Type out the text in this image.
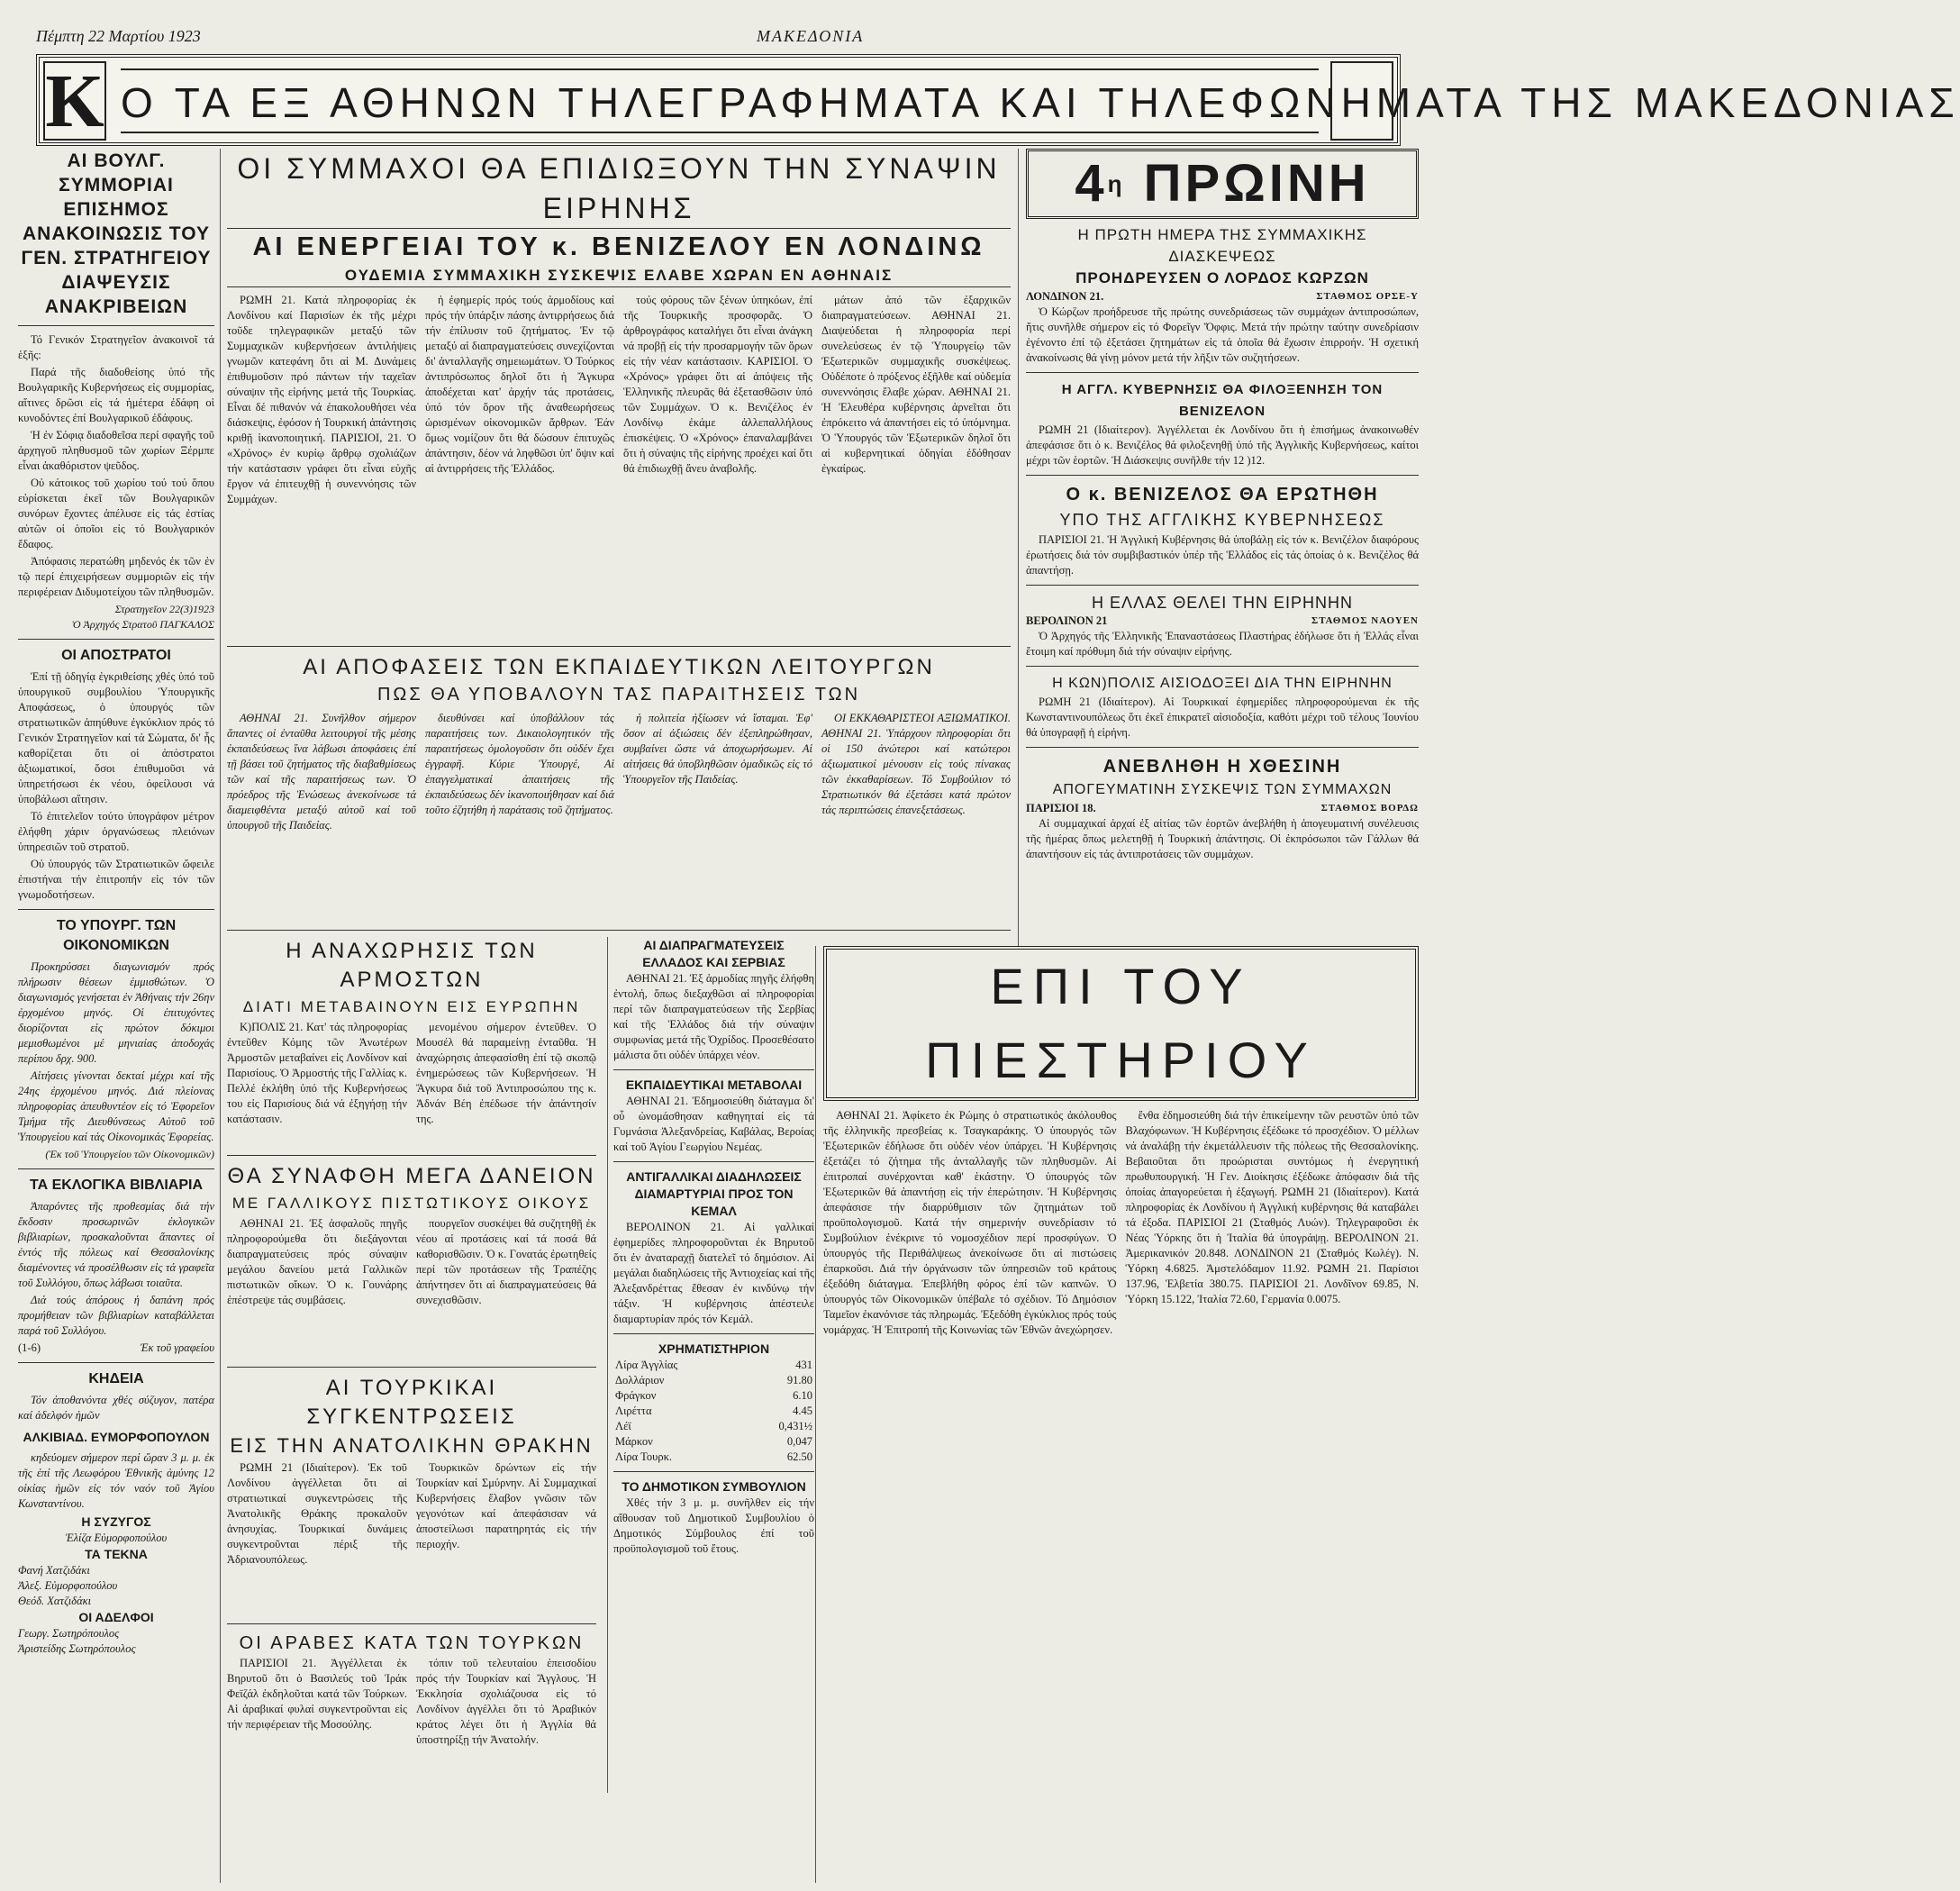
Πέμπτη 22 Μαρτίου 1923	ΜΑΚΕΔΟΝΙΑ
Κ Ο ΤΑ ΕΞ ΑΘΗΝΩΝ ΤΗΛΕΓΡΑΦΗΜΑΤΑ ΚΑΙ ΤΗΛΕΦΩΝΗΜΑΤΑ ΤΗΣ ΜΑΚΕΔΟΝΙΑΣ
ΑΙ ΒΟΥΛΓ. ΣΥΜΜΟΡΙΑΙ ΕΠΙΣΗΜΟΣ ΑΝΑΚΟΙΝΩΣΙΣ ΤΟΥ ΓΕΝ. ΣΤΡΑΤΗΓΕΙΟΥ ΔΙΑΨΕΥΣΙΣ ΑΝΑΚΡΙΒΕΙΩΝ
Τό Γενικόν Στρατηγεῖον ἀνακοινοῖ τά ἑξῆς:
Παρά τῆς διαδοθείσης ὑπό τῆς Βουλγαρικῆς Κυβερνήσεως εἰς συμμορίας, αἵτινες δρῶσι εἰς τά ἡμέτερα ἐδάφη οἱ κυνοδόντες ἐπί Βουλγαρικοῦ ἐδάφους.
Ἡ ἐν Σόφιᾳ διαδοθεῖσα περί σφαγῆς τοῦ ἀρχηγοῦ πληθυσμοῦ τῶν χωρίων Ξέρμπε εἶναι ἀκαθόριστον ψεῦδος.
Οὐ κάτοικος τοῦ χωρίου τού τού ὅπου εὑρίσκεται ἐκεῖ τῶν Βουλγαρικῶν συνόρων ἔχοντες ἀπέλυσε εἰς τάς ἐστίας αὐτῶν οἱ ὁποῖοι εἰς τό Βουλγαρικόν ἔδαφος.
Ἀπόφασις περατώθη μηδενός ἐκ τῶν ἐν τῷ περί ἐπιχειρήσεων συμμοριῶν εἰς τήν περιφέρειαν Διδυμοτείχου τῶν πληθυσμῶν.
Στρατηγεῖον 22(3)1923
Ὁ Ἀρχηγός Στρατοῦ ΠΑΓΚΑΛΟΣ
ΟΙ ΑΠΟΣΤΡΑΤΟΙ
Ἐπί τῇ ὁδηγίᾳ ἐγκριθείσης χθές ὑπό τοῦ ὑπουργικοῦ συμβουλίου Ὑπουργικῆς Αποφάσεως, ὁ ὑπουργός τῶν στρατιωτικῶν ἀπηύθυνε ἐγκύκλιον πρός τό Γενικόν Στρατηγεῖον καί τά Σώματα, δι' ἧς καθορίζεται ὅτι οἱ ἀπόστρατοι ἀξιωματικοί, ὅσοι ἐπιθυμοῦσι νά ὑπηρετήσωσι ἐκ νέου, ὀφείλουσι νά ὑποβάλωσι αἴτησιν.
Τό ἐπιτελεῖον τούτο ὑπογράφον μέτρον ἐλήφθη χάριν ὀργανώσεως πλειόνων ὑπηρεσιῶν τοῦ στρατοῦ.
Οὐ ὑπουργός τῶν Στρατιωτικῶν ὤφειλε ἐπιστήναι τήν ἐπιτροπήν εἰς τόν τῶν γνωμοδοτήσεων.
ΤΟ ΥΠΟΥΡΓ. ΤΩΝ ΟΙΚΟΝΟΜΙΚΩΝ
Προκηρύσσει διαγωνισμόν πρός πλήρωσιν θέσεων ἐμμισθώτων. Ὁ διαγωνισμός γενήσεται ἐν Ἀθήναις τήν 26ην ἐρχομένου μηνός. Οἱ ἐπιτυχόντες διορίζονται εἰς πρώτον δόκιμοι μεμισθωμένοι μέ μηνιαίας ἀποδοχάς περίπου δρχ. 900.
Αἰτήσεις γίνονται δεκταί μέχρι καί τῆς 24ης ἐρχομένου μηνός. Διά πλείονας πληροφορίας ἀπευθυντέον εἰς τό Ἐφορεῖον Τμήμα τῆς Διευθύνσεως Αὐτοῦ τοῦ Ὑπουργείου καί τάς Οἰκονομικάς Ἐφορείας.
(Ἐκ τοῦ Ὑπουργείου τῶν Οἰκονομικῶν)
ΤΑ ΕΚΛΟΓΙΚΑ ΒΙΒΛΙΑΡΙΑ
Ἀπαρόντες τῆς προθεσμίας διά τήν ἔκδοσιν προσωρινῶν ἐκλογικῶν βιβλιαρίων, προσκαλοῦνται ἅπαντες οἱ ἐντός τῆς πόλεως καί Θεσσαλονίκης διαμένοντες νά προσέλθωσιν εἰς τά γραφεῖα τοῦ Συλλόγου, ὅπως λάβωσι τοιαῦτα.
Διά τούς ἀπόρους ἡ δαπάνη πρός προμήθειαν τῶν βιβλιαρίων καταβάλλεται παρά τοῦ Συλλόγου.
(1-6)	Ἐκ τοῦ γραφείου
ΚΗΔΕΙΑ
Τόν ἀποθανόντα χθές σύζυγον, πατέρα καί ἀδελφόν ἡμῶν
ΑΛΚΙΒΙΑΔ. ΕΥΜΟΡΦΟΠΟΥΛΟΝ
κηδεύομεν σήμερον περί ὥραν 3 μ. μ. ἐκ τῆς ἐπί τῆς Λεωφόρου Ἐθνικῆς ἀμύνης 12 οἰκίας ἡμῶν εἰς τόν ναόν τοῦ Ἁγίου Κωνσταντίνου.
Η ΣΥΖΥΓΟΣ
Ἐλίζα Εὐμορφοπούλου
ΤΑ ΤΕΚΝΑ
Φανή Χατζιδάκι
Ἀλεξ. Εὐμορφοπούλου
Θεόδ. Χατζιδάκι
ΟΙ ΑΔΕΛΦΟΙ
Γεωργ. Σωτηρόπουλος
Ἀριστείδης Σωτηρόπουλος
ΟΙ ΣΥΜΜΑΧΟΙ ΘΑ ΕΠΙΔΙΩΞΟΥΝ ΤΗΝ ΣΥΝΑΨΙΝ ΕΙΡΗΝΗΣ
ΑΙ ΕΝΕΡΓΕΙΑΙ ΤΟΥ κ. ΒΕΝΙΖΕΛΟΥ ΕΝ ΛΟΝΔΙΝΩ
ΟΥΔΕΜΙΑ ΣΥΜΜΑΧΙΚΗ ΣΥΣΚΕΨΙΣ ΕΛΑΒΕ ΧΩΡΑΝ ΕΝ ΑΘΗΝΑΙΣ
ΡΩΜΗ 21. Κατά πληροφορίας ἐκ Λονδίνου καί Παρισίων ἐκ τῆς μέχρι τοῦδε τηλεγραφικῶν μεταξύ τῶν Συμμαχικῶν κυβερνήσεων ἀντιλήψεις γνωμῶν κατεφάνη ὅτι αἱ Μ. Δυνάμεις ἐπιθυμοῦσιν πρό πάντων τήν ταχεῖαν σύναψιν τῆς εἰρήνης μετά τῆς Τουρκίας. Εἶναι δέ πιθανόν νά ἐπακολουθήσει νέα διάσκεψις, ἐφόσον ἡ Τουρκική ἀπάντησις κριθῇ ἱκανοποιητική. ΠΑΡΙΣΙΟΙ, 21. Ὁ «Χρόνος» ἐν κυρίῳ ἄρθρῳ σχολιάζων τήν κατάστασιν γράφει ὅτι εἶναι εὐχῆς ἔργον νά ἐπιτευχθῇ ἡ συνεννόησις τῶν Συμμάχων.
ἡ ἐφημερίς πρός τούς ἀρμοδίους καί πρός τήν ὑπάρξιν πάσης ἀντιρρήσεως διά τήν ἐπίλυσιν τοῦ ζητήματος. Ἐν τῷ μεταξύ αἱ διαπραγματεύσεις συνεχίζονται δι' ἀνταλλαγῆς σημειωμάτων. Ὁ Τούρκος ἀντιπρόσωπος δηλοῖ ὅτι ἡ Ἄγκυρα ἀποδέχεται κατ' ἀρχήν τάς προτάσεις, ὑπό τόν ὅρον τῆς ἀναθεωρήσεως ὡρισμένων οἰκονομικῶν ἄρθρων. Ἐάν ὅμως νομίζουν ὅτι θά δώσουν ἐπιτυχῶς ἀπάντησιν, δέον νά ληφθῶσι ὑπ' ὄψιν καί αἱ ἀντιρρήσεις τῆς Ἑλλάδος.
τούς φόρους τῶν ξένων ὑπηκόων, ἐπί τῆς Τουρκικῆς προσφορᾶς. Ὁ ἀρθρογράφος καταλήγει ὅτι εἶναι ἀνάγκη νά προβῇ εἰς τήν προσαρμογήν τῶν ὅρων εἰς τήν νέαν κατάστασιν. ΚΑΡΙΣΙΟΙ. Ὁ «Χρόνος» γράφει ὅτι αἱ ἀπόψεις τῆς Ἑλληνικῆς πλευρᾶς θά ἐξετασθῶσιν ὑπό τῶν Συμμάχων. Ὁ κ. Βενιζέλος ἐν Λονδίνῳ ἐκάμε ἀλλεπαλλήλους ἐπισκέψεις. Ὁ «Χρόνος» ἐπαναλαμβάνει ὅτι ἡ σύναψις τῆς εἰρήνης προέχει καί ὅτι θά ἐπιδιωχθῇ ἄνευ ἀναβολῆς.
μάτων ἀπό τῶν ἐξαρχικῶν διαπραγματεύσεων. ΑΘΗΝΑΙ 21. Διαψεύδεται ἡ πληροφορία περί συνελεύσεως ἐν τῷ Ὑπουργείῳ τῶν Ἐξωτερικῶν συμμαχικῆς συσκέψεως. Οὐδέποτε ὁ πρόξενος ἐξῆλθε καί οὐδεμία συνεννόησις ἔλαβε χώραν. ΑΘΗΝΑΙ 21. Ἡ Ἐλευθέρα κυβέρνησις ἀρνεῖται ὅτι ἐπρόκειτο νά ἀπαντήσει εἰς τό ὑπόμνημα. Ὁ Ὑπουργός τῶν Ἐξωτερικῶν δηλοῖ ὅτι αἱ κυβερνητικαί ὁδηγίαι ἐδόθησαν ἐγκαίρως.
ΑΙ ΑΠΟΦΑΣΕΙΣ ΤΩΝ ΕΚΠΑΙΔΕΥΤΙΚΩΝ ΛΕΙΤΟΥΡΓΩΝ
ΠΩΣ ΘΑ ΥΠΟΒΑΛΟΥΝ ΤΑΣ ΠΑΡΑΙΤΗΣΕΙΣ ΤΩΝ
ΑΘΗΝΑΙ 21. Συνῆλθον σήμερον ἅπαντες οἱ ἐνταῦθα λειτουργοί τῆς μέσης ἐκπαιδεύσεως ἵνα λάβωσι ἀποφάσεις ἐπί τῇ βάσει τοῦ ζητήματος τῆς διαβαθμίσεως τῶν καί τῆς παραιτήσεως των. Ὁ πρόεδρος τῆς Ἑνώσεως ἀνεκοίνωσε τά διαμειφθέντα μεταξύ αὐτοῦ καί τοῦ ὑπουργοῦ τῆς Παιδείας.
διευθύνσει καί ὑποβάλλουν τάς παραιτήσεις των. Δικαιολογητικόν τῆς παραιτήσεως ὁμολογοῦσιν ὅτι οὐδέν ἔχει ἐγγραφῆ. Κύριε Ὑπουργέ, Αἱ ἐπαγγελματικαί ἀπαιτήσεις τῆς ἐκπαιδεύσεως δέν ἱκανοποιήθησαν καί διά τοῦτο ἐζητήθη ἡ παράτασις τοῦ ζητήματος.
ἡ πολιτεία ἠξίωσεν νά ἴσταμαι. Ἐφ' ὅσον αἱ ἀξιώσεις δέν ἐξεπληρώθησαν, συμβαίνει ὥστε νά ἀποχωρήσωμεν. Αἱ αἰτήσεις θά ὑποβληθῶσιν ὁμαδικῶς εἰς τό Ὑπουργεῖον τῆς Παιδείας.
ΟΙ ΕΚΚΑΘΑΡΙΣΤΕΟΙ ΑΞΙΩΜΑΤΙΚΟΙ. ΑΘΗΝΑΙ 21. Ὑπάρχουν πληροφορίαι ὅτι οἱ 150 ἀνώτεροι καί κατώτεροι ἀξιωματικοί μένουσιν εἰς τούς πίνακας τῶν ἐκκαθαρίσεων. Τό Συμβούλιον τό Στρατιωτικόν θά ἐξετάσει κατά πρώτον τάς περιπτώσεις ἐπανεξετάσεως.
Η ΑΝΑΧΩΡΗΣΙΣ ΤΩΝ ΑΡΜΟΣΤΩΝ
ΔΙΑΤΙ ΜΕΤΑΒΑΙΝΟΥΝ ΕΙΣ ΕΥΡΩΠΗΝ
Κ)ΠΟΛΙΣ 21. Κατ' τάς πληροφορίας ἐντεῦθεν Κόμης τῶν Ἀνωτέρων Ἀρμοστῶν μεταβαίνει εἰς Λονδίνον καί Παρισίους. Ὁ Ἀρμοστής τῆς Γαλλίας κ. Πελλέ ἐκλήθη ὑπό τῆς Κυβερνήσεως του εἰς Παρισίους διά νά ἐξηγήσῃ τήν κατάστασιν.
μενομένου σήμερον ἐντεῦθεν. Ὁ Μουσέλ θά παραμείνῃ ἐνταῦθα. Ἡ ἀναχώρησις ἀπεφασίσθη ἐπί τῷ σκοπῷ ἐνημερώσεως τῶν Κυβερνήσεων. Ἡ Ἄγκυρα διά τοῦ Ἀντιπροσώπου της κ. Ἀδνάν Βέη ἐπέδωσε τήν ἀπάντησίν της.
ΘΑ ΣΥΝΑΦΘΗ ΜΕΓΑ ΔΑΝΕΙΟΝ
ΜΕ ΓΑΛΛΙΚΟΥΣ ΠΙΣΤΩΤΙΚΟΥΣ ΟΙΚΟΥΣ
ΑΘΗΝΑΙ 21. Ἐξ ἀσφαλοῦς πηγῆς πληροφορούμεθα ὅτι διεξάγονται διαπραγματεύσεις πρός σύναψιν μεγάλου δανείου μετά Γαλλικῶν πιστωτικῶν οἴκων. Ὁ κ. Γουνάρης ἐπέστρεψε τάς συμβάσεις.
πουργεῖον συσκέψει θά συζητηθῇ ἐκ νέου αἱ προτάσεις καί τά ποσά θά καθορισθῶσιν. Ὁ κ. Γονατάς ἐρωτηθείς περί τῶν προτάσεων τῆς Τραπέζης ἀπήντησεν ὅτι αἱ διαπραγματεύσεις θά συνεχισθῶσιν.
ΑΙ ΤΟΥΡΚΙΚΑΙ ΣΥΓΚΕΝΤΡΩΣΕΙΣ
ΕΙΣ ΤΗΝ ΑΝΑΤΟΛΙΚΗΝ ΘΡΑΚΗΝ
ΡΩΜΗ 21 (Ιδιαίτερον). Ἐκ τοῦ Λονδίνου ἀγγέλλεται ὅτι αἱ στρατιωτικαί συγκεντρώσεις τῆς Ἀνατολικῆς Θράκης προκαλοῦν ἀνησυχίας. Τουρκικαί δυνάμεις συγκεντροῦνται πέριξ τῆς Ἀδριανουπόλεως.
Τουρκικῶν δρώντων εἰς τήν Τουρκίαν καί Σμύρνην. Αἱ Συμμαχικαί Κυβερνήσεις ἔλαβον γνῶσιν τῶν γεγονότων καί ἀπεφάσισαν νά ἀποστείλωσι παρατηρητάς εἰς τήν περιοχήν.
ΟΙ ΑΡΑΒΕΣ ΚΑΤΑ ΤΩΝ ΤΟΥΡΚΩΝ
ΠΑΡΙΣΙΟΙ 21. Ἀγγέλλεται ἐκ Βηρυτοῦ ὅτι ὁ Βασιλεύς τοῦ Ἰράκ Φεϊζάλ ἐκδηλοῦται κατά τῶν Τούρκων. Αἱ ἀραβικαί φυλαί συγκεντροῦνται εἰς τήν περιφέρειαν τῆς Μοσούλης.
τόπιν τοῦ τελευταίου ἐπεισοδίου πρός τήν Τουρκίαν καί Ἄγγλους. Ἡ Ἐκκλησία σχολιάζουσα εἰς τό Λονδίνον ἀγγέλλει ὅτι τό Ἀραβικόν κράτος λέγει ὅτι ἡ Ἀγγλία θά ὑποστηρίξῃ τήν Ἀνατολήν.
ΑΙ ΔΙΑΠΡΑΓΜΑΤΕΥΣΕΙΣ ΕΛΛΑΔΟΣ ΚΑΙ ΣΕΡΒΙΑΣ
ΑΘΗΝΑΙ 21. Ἐξ ἀρμοδίας πηγῆς ἐλήφθη ἐντολή, ὅπως διεξαχθῶσι αἱ πληροφορίαι περί τῶν διαπραγματεύσεων τῆς Σερβίας καί τῆς Ἑλλάδος διά τήν σύναψιν συμφωνίας μετά τῆς Ὀχρίδος. Προσεθέσατο μάλιστα ὅτι οὐδέν ὑπάρχει νέον.
ΕΚΠΑΙΔΕΥΤΙΚΑΙ ΜΕΤΑΒΟΛΑΙ
ΑΘΗΝΑΙ 21. Ἐδημοσιεύθη διάταγμα δι' οὗ ὠνομάσθησαν καθηγηταί εἰς τά Γυμνάσια Ἀλεξανδρείας, Καβάλας, Βεροίας καί τοῦ Ἁγίου Γεωργίου Νεμέας.
ΑΝΤΙΓΑΛΛΙΚΑΙ ΔΙΑΔΗΛΩΣΕΙΣ ΔΙΑΜΑΡΤΥΡΙΑΙ ΠΡΟΣ ΤΟΝ ΚΕΜΑΛ
ΒΕΡΟΛΙΝΟΝ 21. Αἱ γαλλικαί ἐφημερίδες πληροφοροῦνται ἐκ Βηρυτοῦ ὅτι ἐν ἀναταραχῇ διατελεῖ τό δημόσιον. Αἱ μεγάλαι διαδηλώσεις τῆς Ἀντιοχείας καί τῆς Ἀλεξανδρέττας ἔθεσαν ἐν κινδύνῳ τήν τάξιν. Ἡ κυβέρνησις ἀπέστειλε διαμαρτυρίαν πρός τόν Κεμάλ.
ΧΡΗΜΑΤΙΣΤΗΡΙΟΝ
Λίρα Ἀγγλίας	431
Δολλάριον	91.80
Φράγκον	6.10
Λιρέττα	4.45
Λέϊ	0,431½
Μάρκον	0,047
Λίρα Τουρκ.	62.50
ΤΟ ΔΗΜΟΤΙΚΟΝ ΣΥΜΒΟΥΛΙΟΝ
Χθές τήν 3 μ. μ. συνῆλθεν εἰς τήν αἴθουσαν τοῦ Δημοτικοῦ Συμβουλίου ὁ Δημοτικός Σύμβουλος ἐπί τοῦ προϋπολογισμοῦ τοῦ ἔτους.
$4^\eta$ ΠΡΩΙΝΗ
Η ΠΡΩΤΗ ΗΜΕΡΑ ΤΗΣ ΣΥΜΜΑΧΙΚΗΣ ΔΙΑΣΚΕΨΕΩΣ
ΠΡΟΗΔΡΕΥΣΕΝ Ο ΛΟΡΔΟΣ ΚΩΡΖΩΝ
ΛΟΝΔΙΝΟΝ 21.	ΣΤΑΘΜΟΣ ΟΡΣΕ-Υ
Ὁ Κώρζων προήδρευσε τῆς πρώτης συνεδριάσεως τῶν συμμάχων ἀντιπροσώπων, ἥτις συνῆλθε σήμερον εἰς τό Φορεῖγν Ὄφφις. Μετά τήν πρώτην ταύτην συνεδρίασιν ἐγένοντο ἐπί τῷ ἐξετάσει ζητημάτων εἰς τά ὁποῖα θά ἔχωσιν ἐπιρροήν. Ἡ σχετική ἀνακοίνωσις θά γίνῃ μόνον μετά τήν λῆξιν τῶν συζητήσεων.
Η ΑΓΓΛ. ΚΥΒΕΡΝΗΣΙΣ ΘΑ ΦΙΛΟΞΕΝΗΣΗ ΤΟΝ ΒΕΝΙΖΕΛΟΝ
ΡΩΜΗ 21 (Ιδιαίτερον). Ἀγγέλλεται ἐκ Λονδίνου ὅτι ἡ ἐπισήμως ἀνακοινωθέν ἀπεφάσισε ὅτι ὁ κ. Βενιζέλος θά φιλοξενηθῇ ὑπό τῆς Ἀγγλικῆς Κυβερνήσεως, καίτοι μέχρι τῶν ἑορτῶν. Ἡ Διάσκεψις συνῆλθε τήν 12 )12.
Ο κ. ΒΕΝΙΖΕΛΟΣ ΘΑ ΕΡΩΤΗΘΗ
ΥΠΟ ΤΗΣ ΑΓΓΛΙΚΗΣ ΚΥΒΕΡΝΗΣΕΩΣ
ΠΑΡΙΣΙΟΙ 21. Ἡ Ἀγγλική Κυβέρνησις θά ὑποβάλῃ εἰς τόν κ. Βενιζέλον διαφόρους ἐρωτήσεις διά τόν συμβιβαστικόν ὑπέρ τῆς Ἑλλάδος εἰς τάς ὁποίας ὁ κ. Βενιζέλος θά ἀπαντήσῃ.
Η ΕΛΛΑΣ ΘΕΛΕΙ ΤΗΝ ΕΙΡΗΝΗΝ
ΒΕΡΟΛΙΝΟΝ 21	ΣΤΑΘΜΟΣ ΝΑΟΥΕΝ
Ὁ Ἀρχηγός τῆς Ἑλληνικῆς Ἐπαναστάσεως Πλαστήρας ἐδήλωσε ὅτι ἡ Ἑλλάς εἶναι ἕτοιμη καί πρόθυμη διά τήν σύναψιν εἰρήνης.
Η ΚΩΝ)ΠΟΛΙΣ ΑΙΣΙΟΔΟΞΕΙ ΔΙΑ ΤΗΝ ΕΙΡΗΝΗΝ
ΡΩΜΗ 21 (Ιδιαίτερον). Αἱ Τουρκικαί ἐφημερίδες πληροφορούμεναι ἐκ τῆς Κωνσταντινουπόλεως ὅτι ἐκεῖ ἐπικρατεῖ αἰσιοδοξία, καθότι μέχρι τοῦ τέλους Ἰουνίου θά ὑπογραφῇ ἡ εἰρήνη.
ΑΝΕΒΛΗΘΗ Η ΧΘΕΣΙΝΗ
ΑΠΟΓΕΥΜΑΤΙΝΗ ΣΥΣΚΕΨΙΣ ΤΩΝ ΣΥΜΜΑΧΩΝ
ΠΑΡΙΣΙΟΙ 18.	ΣΤΑΘΜΟΣ ΒΟΡΔΩ
Αἱ συμμαχικαί ἀρχαί ἐξ αἰτίας τῶν ἑορτῶν ἀνεβλήθη ἡ ἀπογευματινή συνέλευσις τῆς ἡμέρας ὅπως μελετηθῇ ἡ Τουρκική ἀπάντησις. Οἱ ἐκπρόσωποι τῶν Γάλλων θά ἀπαντήσουν εἰς τάς ἀντιπροτάσεις τῶν συμμάχων.
ΕΠΙ ΤΟΥ ΠΙΕΣΤΗΡΙΟΥ
ΑΘΗΝΑΙ 21. Ἀφίκετο ἐκ Ρώμης ὁ στρατιωτικός ἀκόλουθος τῆς ἑλληνικῆς πρεσβείας κ. Τσαγκαράκης. Ὁ ὑπουργός τῶν Ἐξωτερικῶν ἐδήλωσε ὅτι οὐδέν νέον ὑπάρχει. Ἡ Κυβέρνησις ἐξετάζει τό ζήτημα τῆς ἀνταλλαγῆς τῶν πληθυσμῶν. Αἱ ἐπιτροπαί συνέρχονται καθ' ἑκάστην. Ὁ ὑπουργός τῶν Ἐξωτερικῶν θά ἀπαντήσῃ εἰς τήν ἐπερώτησιν. Ἡ Κυβέρνησις ἀπεφάσισε τήν διαρρύθμισιν τῶν ζητημάτων τοῦ προϋπολογισμοῦ. Κατά τήν σημερινήν συνεδρίασιν τό Συμβούλιον ἐνέκρινε τό νομοσχέδιον περί προσφύγων. Ὁ ὑπουργός τῆς Περιθάλψεως ἀνεκοίνωσε ὅτι αἱ πιστώσεις ἐπαρκοῦσι. Διά τήν ὀργάνωσιν τῶν ὑπηρεσιῶν τοῦ κράτους ἐξεδόθη διάταγμα. Ἐπεβλήθη φόρος ἐπί τῶν καπνῶν. Ὁ ὑπουργός τῶν Οἰκονομικῶν ὑπέβαλε τό σχέδιον. Τό Δημόσιον Ταμεῖον ἐκανόνισε τάς πληρωμάς. Ἐξεδόθη ἐγκύκλιος πρός τούς νομάρχας. Ἡ Ἐπιτροπή τῆς Κοινωνίας τῶν Ἐθνῶν ἀνεχώρησεν.
ἔνθα ἐδημοσιεύθη διά τήν ἐπικείμενην τῶν ρευστῶν ὑπό τῶν Βλαχόφωνων. Ἡ Κυβέρνησις ἐξέδωκε τό προσχέδιον. Ὁ μέλλων νά ἀναλάβῃ τήν ἐκμετάλλευσιν τῆς πόλεως τῆς Θεσσαλονίκης. Βεβαιοῦται ὅτι προώρισται συντόμως ἡ ἐνεργητική πρωθυπουργική. Ἡ Γεν. Διοίκησις ἐξέδωκε ἀπόφασιν διά τῆς ὁποίας ἀπαγορεύεται ἡ ἐξαγωγή. ΡΩΜΗ 21 (Ιδιαίτερον). Κατά πληροφορίας ἐκ Λονδίνου ἡ Ἀγγλική κυβέρνησις θά καταβάλει τά ἐξοδα. ΠΑΡΙΣΙΟΙ 21 (Σταθμός Λυών). Τηλεγραφοῦσι ἐκ Νέας Ὑόρκης ὅτι ἡ Ἰταλία θά ὑπογράψῃ. ΒΕΡΟΛΙΝΟΝ 21. Ἀμερικανικόν 20.848. ΛΟΝΔΙΝΟΝ 21 (Σταθμός Κωλέγ). Ν. Ὑόρκη 4.6825. Ἀμστελόδαμον 11.92. ΡΩΜΗ 21. Παρίσιοι 137.96, Ἑλβετία 380.75. ΠΑΡΙΣΙΟΙ 21. Λονδῖνον 69.85, Ν. Ὑόρκη 15.122, Ἰταλία 72.60, Γερμανία 0.0075.
